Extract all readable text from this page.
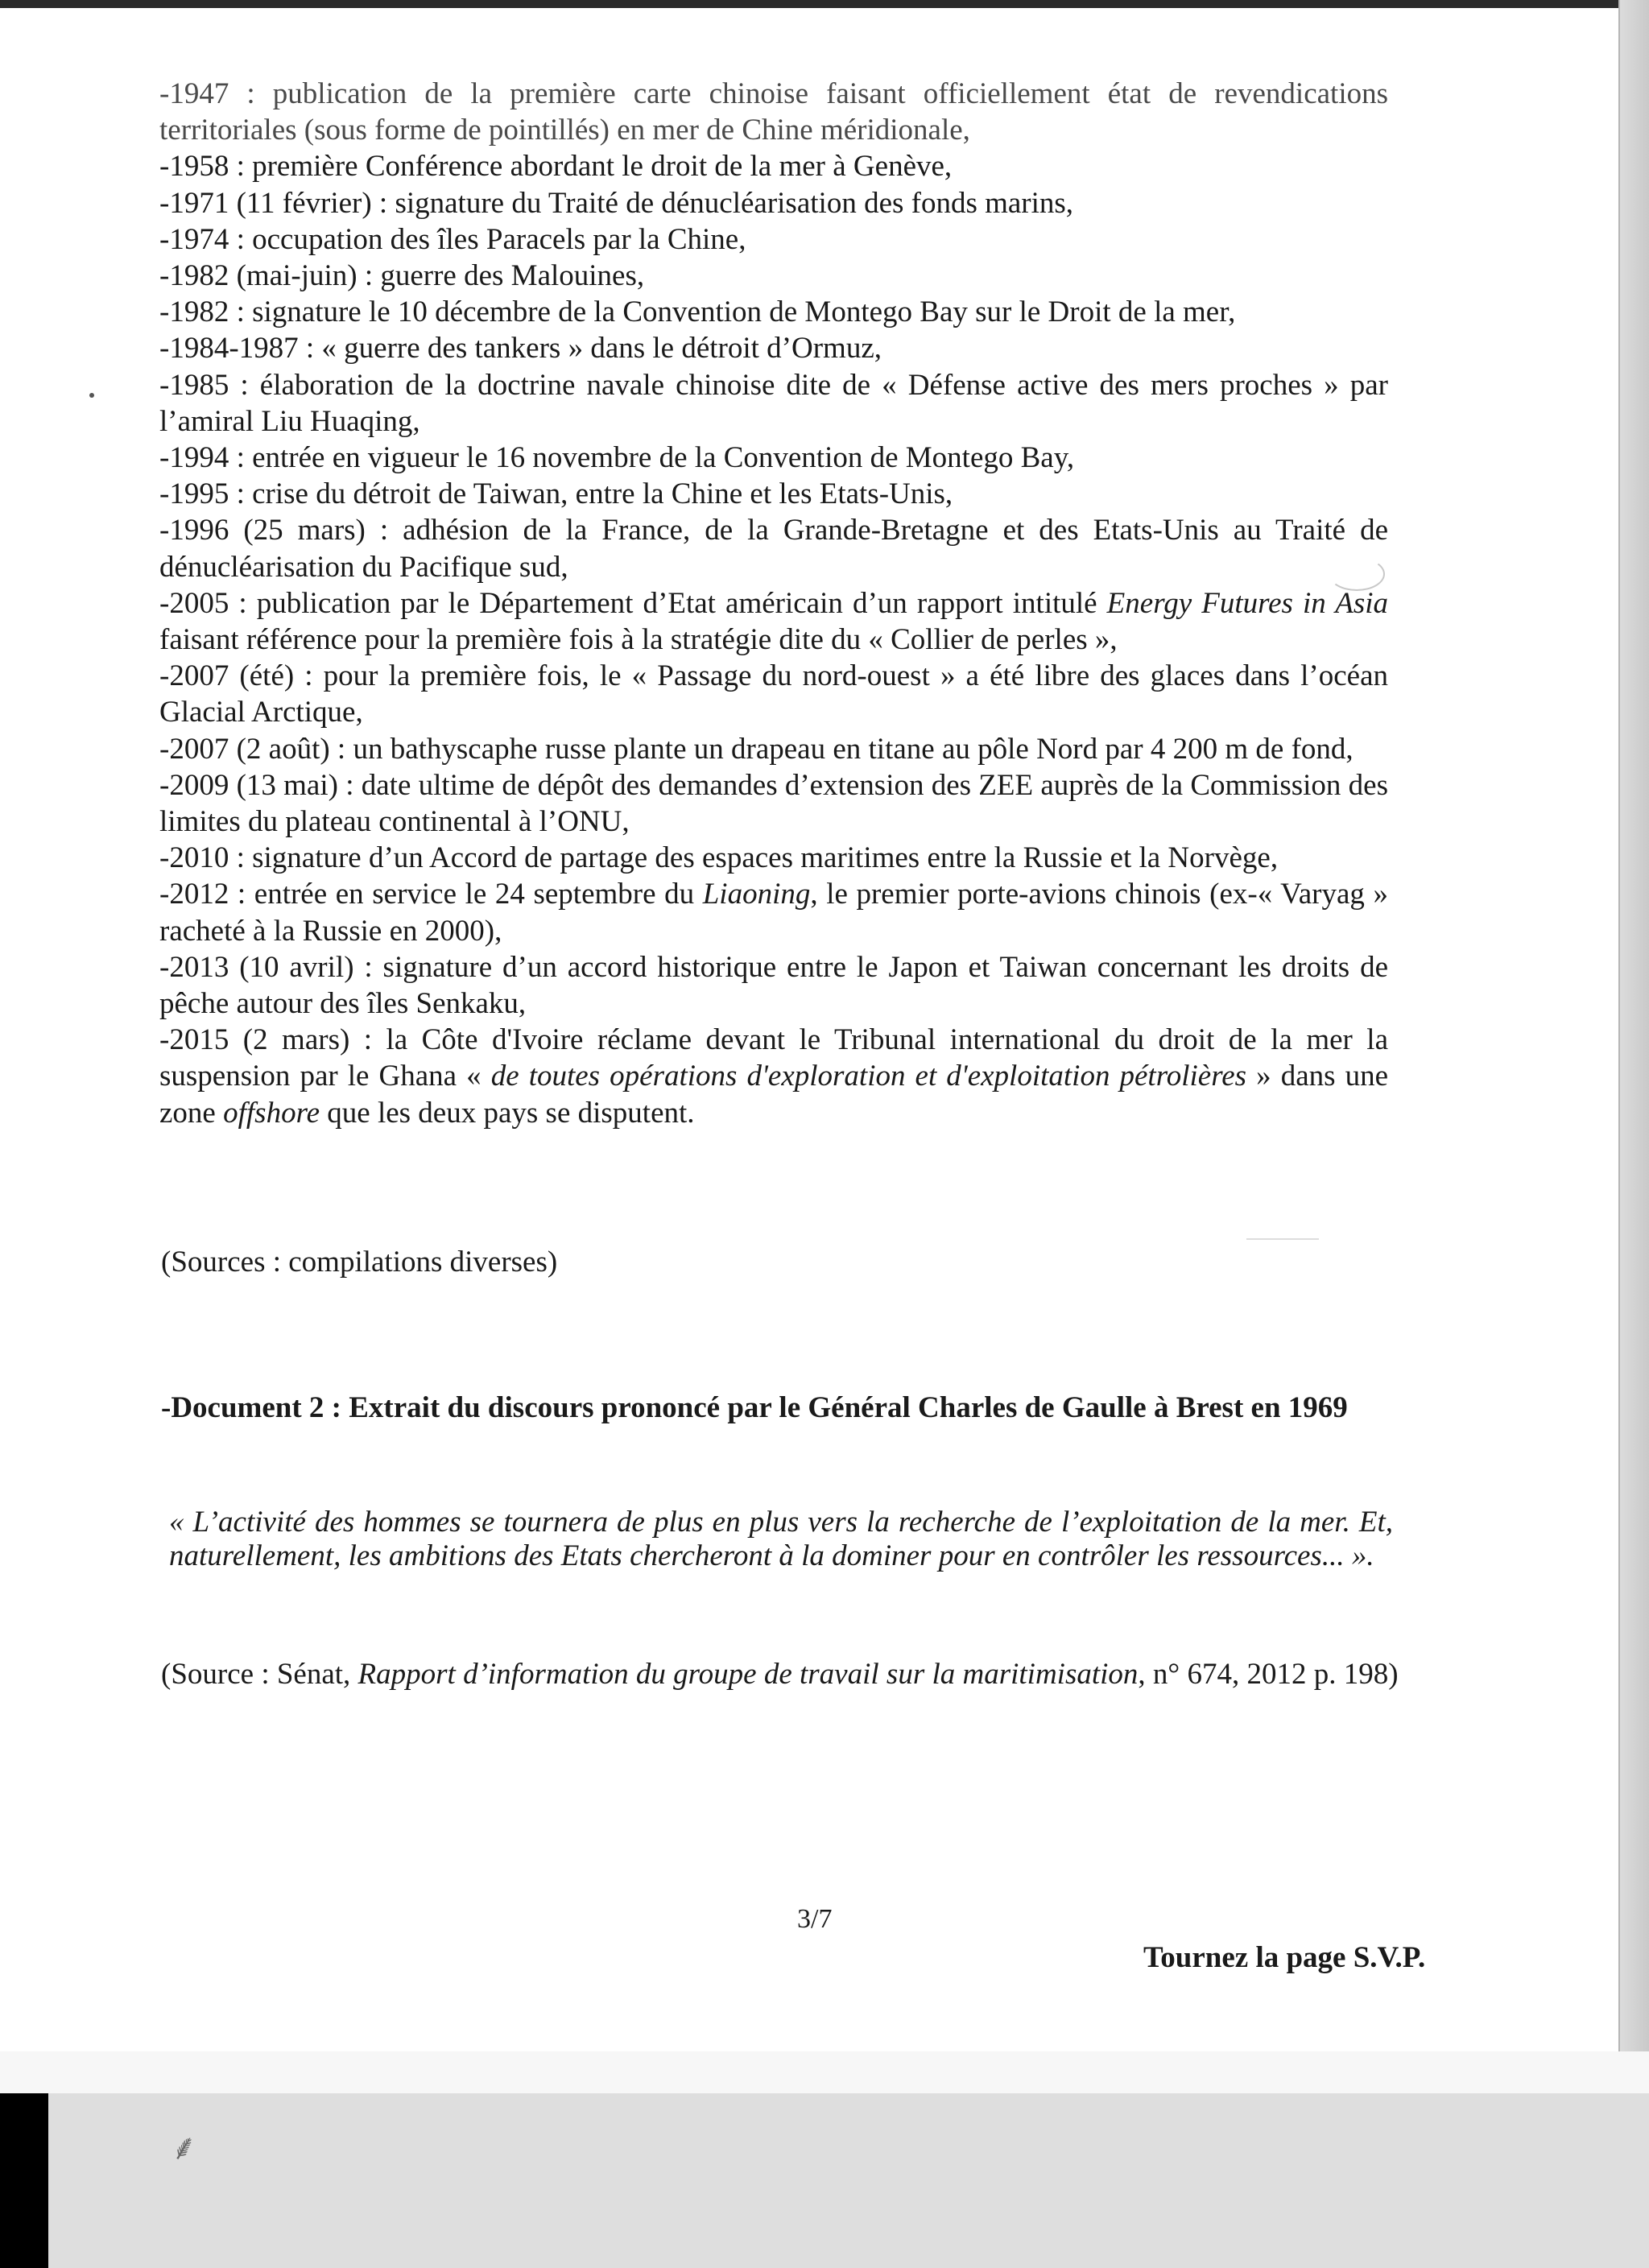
⸙
-1947 : publication de la première carte chinoise faisant officiellement état de revendications territoriales (sous forme de pointillés) en mer de Chine méridionale,
-1958 : première Conférence abordant le droit de la mer à Genève,
-1971 (11 février) : signature du Traité de dénucléarisation des fonds marins,
-1974 : occupation des îles Paracels par la Chine,
-1982 (mai-juin) : guerre des Malouines,
-1982 : signature le 10 décembre de la Convention de Montego Bay sur le Droit de la mer,
-1984-1987 : « guerre des tankers » dans le détroit d’Ormuz,
-1985 : élaboration de la doctrine navale chinoise dite de « Défense active des mers proches » par l’amiral Liu Huaqing,
-1994 : entrée en vigueur le 16 novembre de la Convention de Montego Bay,
-1995 : crise du détroit de Taiwan, entre la Chine et les Etats-Unis,
-1996 (25 mars) : adhésion de la France, de la Grande-Bretagne et des Etats-Unis au Traité de dénucléarisation du Pacifique sud,
-2005 : publication par le Département d’Etat américain d’un rapport intitulé Energy Futures in Asia faisant référence pour la première fois à la stratégie dite du « Collier de perles »,
-2007 (été) : pour la première fois, le « Passage du nord-ouest » a été libre des glaces dans l’océan Glacial Arctique,
-2007 (2 août) : un bathyscaphe russe plante un drapeau en titane au pôle Nord par 4 200 m de fond,
-2009 (13 mai) : date ultime de dépôt des demandes d’extension des ZEE auprès de la Commission des limites du plateau continental à l’ONU,
-2010 : signature d’un Accord de partage des espaces maritimes entre la Russie et la Norvège,
-2012 : entrée en service le 24 septembre du Liaoning, le premier porte-avions chinois (ex-« Varyag » racheté à la Russie en 2000),
-2013 (10 avril) : signature d’un accord historique entre le Japon et Taiwan concernant les droits de pêche autour des îles Senkaku,
-2015 (2 mars) : la Côte d'Ivoire réclame devant le Tribunal international du droit de la mer la suspension par le Ghana « de toutes opérations d'exploration et d'exploitation pétrolières » dans une zone offshore que les deux pays se disputent.
(Sources : compilations diverses)
-Document 2 : Extrait du discours prononcé par le Général Charles de Gaulle à Brest en 1969
« L’activité des hommes se tournera de plus en plus vers la recherche de l’exploitation de la mer. Et, naturellement, les ambitions des Etats chercheront à la dominer pour en contrôler les ressources... ».
(Source : Sénat, Rapport d’information du groupe de travail sur la maritimisation, n° 674, 2012 p. 198)
3/7
Tournez la page S.V.P.
